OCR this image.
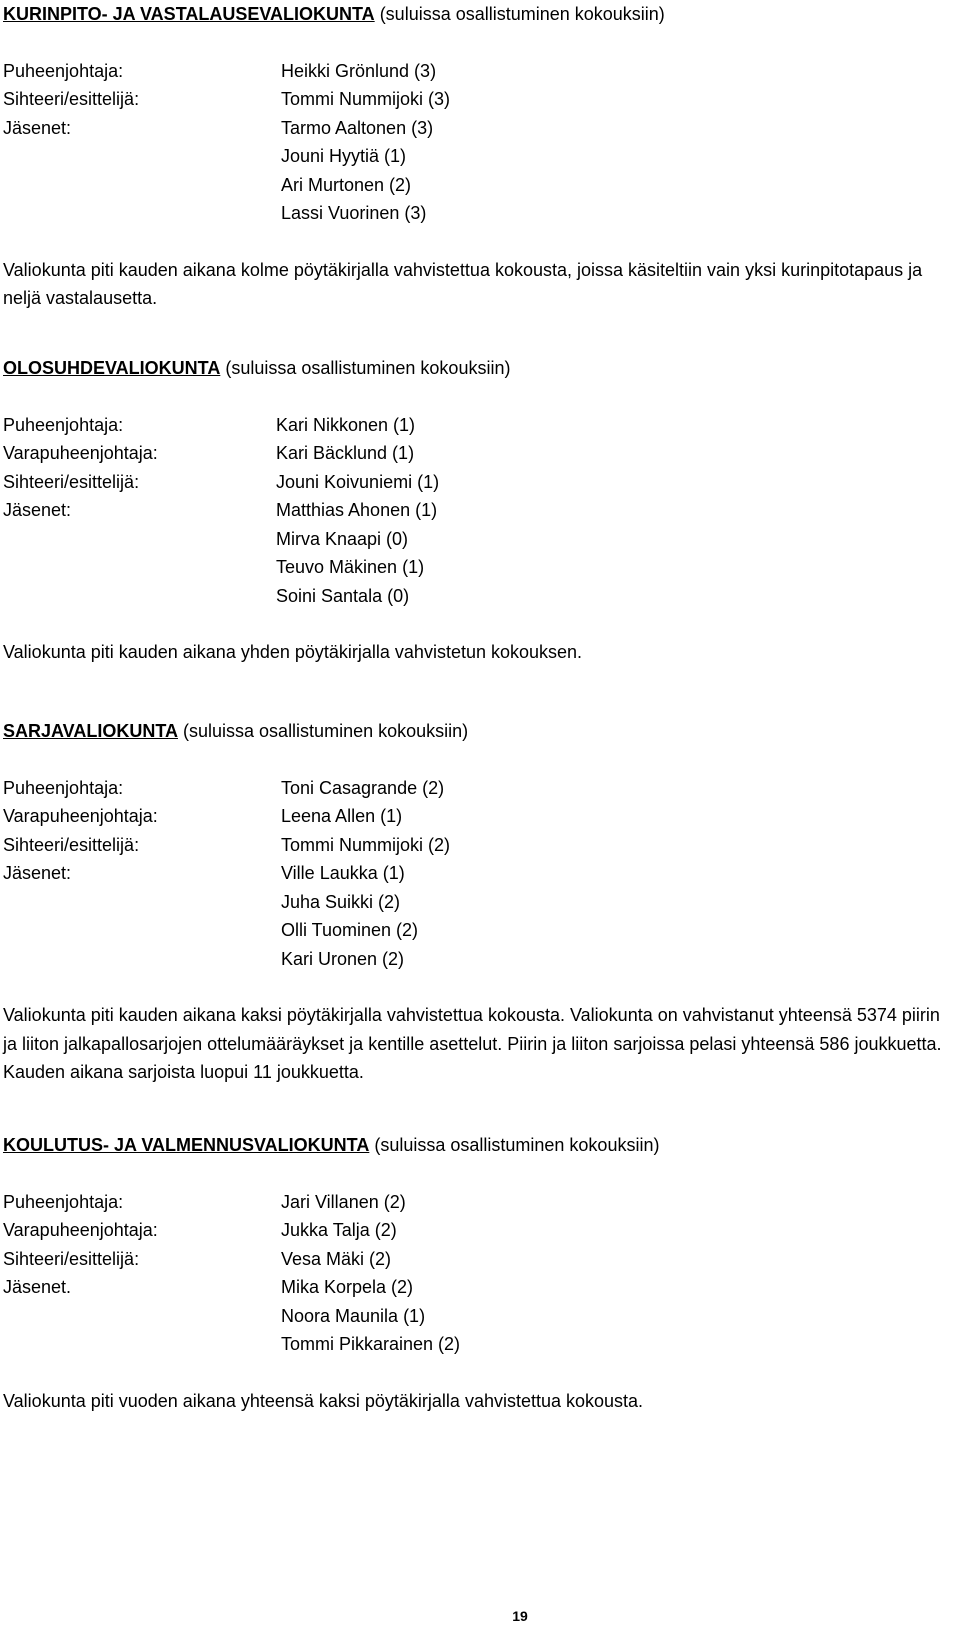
KURINPITO- JA VASTALAUSEVALIOKUNTA (suluissa osallistuminen kokouksiin)

Puheenjohtaja:	Heikki Grönlund (3)
Sihteeri/esittelijä:	Tommi Nummijoki (3)
Jäsenet:	Tarmo Aaltonen (3)
Jouni Hyytiä (1)
Ari Murtonen (2)
Lassi Vuorinen (3)

Valiokunta piti kauden aikana kolme pöytäkirjalla vahvistettua kokousta, joissa käsiteltiin vain yksi kurinpitotapaus ja neljä vastalausetta.

OLOSUHDEVALIOKUNTA (suluissa osallistuminen kokouksiin)

Puheenjohtaja:	Kari Nikkonen (1)
Varapuheenjohtaja:	Kari Bäcklund (1)
Sihteeri/esittelijä:	Jouni Koivuniemi (1)
Jäsenet:	Matthias Ahonen (1)
Mirva Knaapi (0)
Teuvo Mäkinen (1)
Soini Santala (0)

Valiokunta piti kauden aikana yhden pöytäkirjalla vahvistetun kokouksen.

SARJAVALIOKUNTA (suluissa osallistuminen kokouksiin)

Puheenjohtaja:	Toni Casagrande (2)
Varapuheenjohtaja:	Leena Allen (1)
Sihteeri/esittelijä:	Tommi Nummijoki (2)
Jäsenet:	Ville Laukka (1)
Juha Suikki (2)
Olli Tuominen (2)
Kari Uronen (2)

Valiokunta piti kauden aikana kaksi pöytäkirjalla vahvistettua kokousta. Valiokunta on vahvistanut yhteensä 5374 piirin ja liiton jalkapallosarjojen ottelumääräykset ja kentille asettelut. Piirin ja liiton sarjoissa pelasi yhteensä 586 joukkuetta. Kauden aikana sarjoista luopui 11 joukkuetta.

KOULUTUS- JA VALMENNUSVALIOKUNTA (suluissa osallistuminen kokouksiin)

Puheenjohtaja:	Jari Villanen (2)
Varapuheenjohtaja:	Jukka Talja (2)
Sihteeri/esittelijä:	Vesa Mäki (2)
Jäsenet.	Mika Korpela (2)
Noora Maunila (1)
Tommi Pikkarainen (2)

Valiokunta piti vuoden aikana yhteensä kaksi pöytäkirjalla vahvistettua kokousta.

19
